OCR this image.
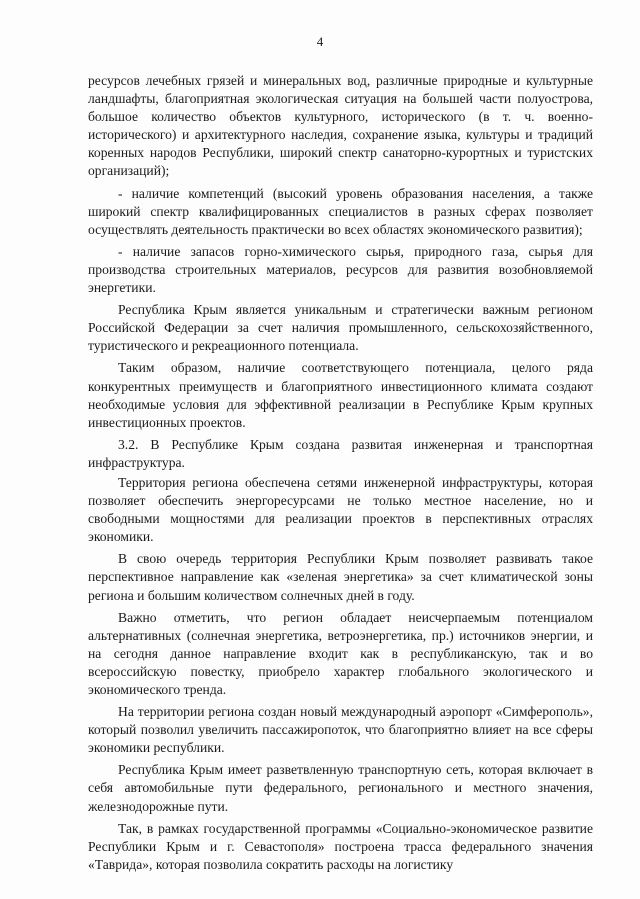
4

ресурсов лечебных грязей и минеральных вод, различные природные и культурные ландшафты, благоприятная экологическая ситуация на большей части полуострова, большое количество объектов культурного, исторического (в т. ч. военно-исторического) и архитектурного наследия, сохранение языка, культуры и традиций коренных народов Республики, широкий спектр санаторно-курортных и туристских организаций);

- наличие компетенций (высокий уровень образования населения, а также широкий спектр квалифицированных специалистов в разных сферах позволяет осуществлять деятельность практически во всех областях экономического развития);

- наличие запасов горно-химического сырья, природного газа, сырья для производства строительных материалов, ресурсов для развития возобновляемой энергетики.

Республика Крым является уникальным и стратегически важным регионом Российской Федерации за счет наличия промышленного, сельскохозяйственного, туристического и рекреационного потенциала.

Таким образом, наличие соответствующего потенциала, целого ряда конкурентных преимуществ и благоприятного инвестиционного климата создают необходимые условия для эффективной реализации в Республике Крым крупных инвестиционных проектов.

3.2. В Республике Крым создана развитая инженерная и транспортная инфраструктура.

Территория региона обеспечена сетями инженерной инфраструктуры, которая позволяет обеспечить энергоресурсами не только местное население, но и свободными мощностями для реализации проектов в перспективных отраслях экономики.

В свою очередь территория Республики Крым позволяет развивать такое перспективное направление как «зеленая энергетика» за счет климатической зоны региона и большим количеством солнечных дней в году.

Важно отметить, что регион обладает неисчерпаемым потенциалом альтернативных (солнечная энергетика, ветроэнергетика, пр.) источников энергии, и на сегодня данное направление входит как в республиканскую, так и во всероссийскую повестку, приобрело характер глобального экологического и экономического тренда.

На территории региона создан новый международный аэропорт «Симферополь», который позволил увеличить пассажиропоток, что благоприятно влияет на все сферы экономики республики.

Республика Крым имеет разветвленную транспортную сеть, которая включает в себя автомобильные пути федерального, регионального и местного значения, железнодорожные пути.

Так, в рамках государственной программы «Социально-экономическое развитие Республики Крым и г. Севастополя» построена трасса федерального значения «Таврида», которая позволила сократить расходы на логистику
